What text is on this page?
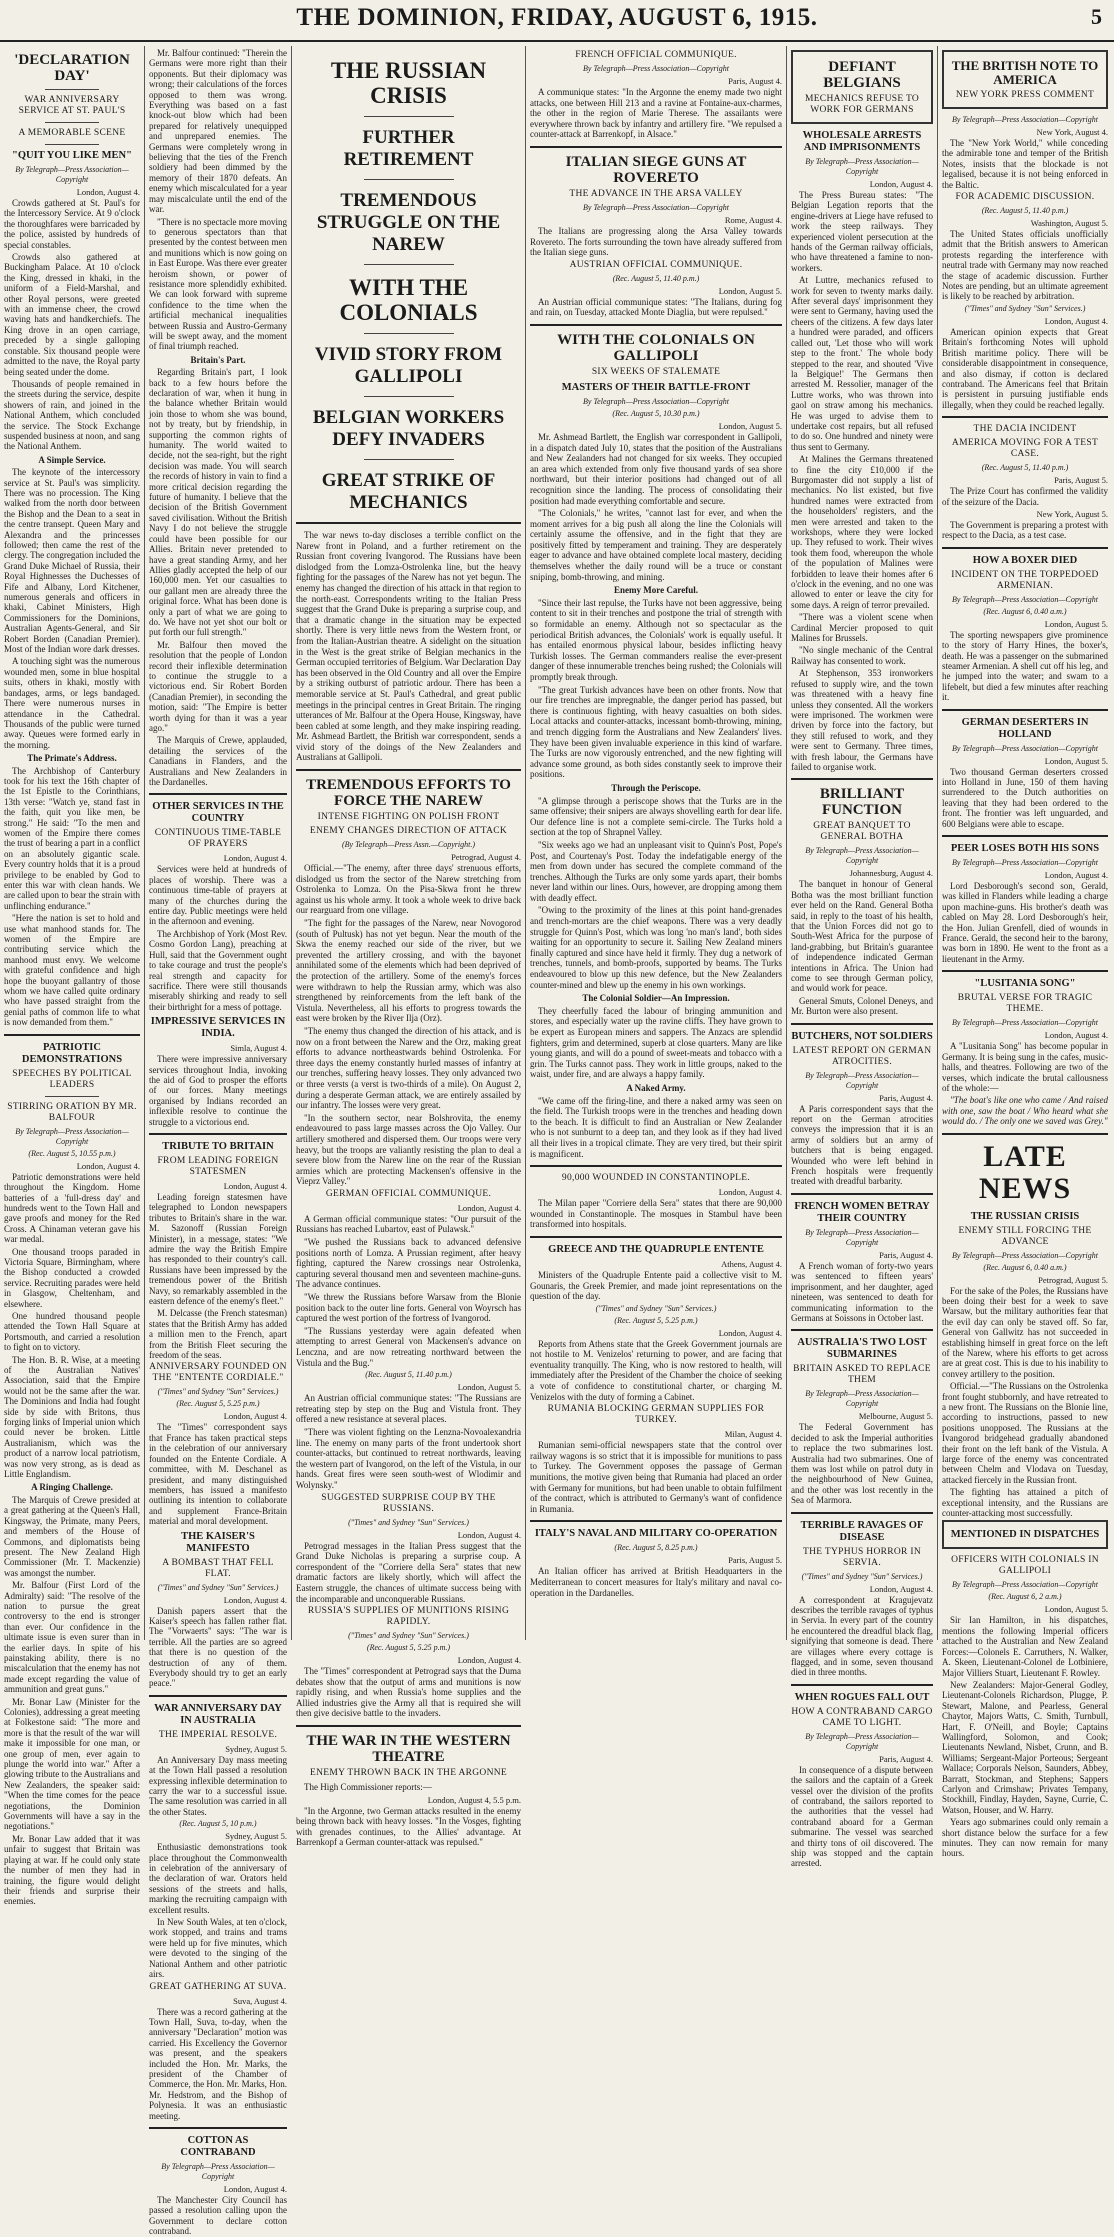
THE DOMINION, FRIDAY, AUGUST 6, 1915.	5
'DECLARATION DAY'
WAR ANNIVERSARY SERVICE AT ST. PAUL'S
A MEMORABLE SCENE
"QUIT YOU LIKE MEN"
By Telegraph—Press Association—Copyright
London, August 4.

Crowds gathered at St. Paul's for the Intercessory Service. At 9 o'clock the thoroughfares were barricaded by the police, assisted by hundreds of special constables.

Crowds also gathered at Buckingham Palace. At 10 o'clock the King, dressed in khaki, in the uniform of a Field-Marshal, and other Royal persons, were greeted with an immense cheer, the crowd waving hats and handkerchiefs. The King drove in an open carriage, preceded by a single galloping constable. Six thousand people were admitted to the nave, the Royal party being seated under the dome.

Thousands of people remained in the streets during the service, despite showers of rain, and joined in the National Anthem, which concluded the service. The Stock Exchange suspended business at noon, and sang the National Anthem.

A Simple Service.

The keynote of the intercessory service at St. Paul's was simplicity. There was no procession. The King walked from the north door between the Bishop and the Dean to a seat in the centre transept. Queen Mary and Alexandra and the princesses followed; then came the rest of the clergy. The congregation included the Grand Duke Michael of Russia, their Royal Highnesses the Duchesses of Fife and Albany, Lord Kitchener, numerous generals and officers in khaki, Cabinet Ministers, High Commissioners for the Dominions, Australian Agents-General, and Sir Robert Borden (Canadian Premier). Most of the Indian wore dark dresses.

A touching sight was the numerous wounded men, some in blue hospital suits, others in khaki, mostly with bandages, arms, or legs bandaged. There were numerous nurses in attendance in the Cathedral. Thousands of the public were turned away. Queues were formed early in the morning.

The Primate's Address.

The Archbishop of Canterbury took for his text the 16th chapter of the 1st Epistle to the Corinthians, 13th verse: "Watch ye, stand fast in the faith, quit you like men, be strong." He said: "To the men and women of the Empire there comes the trust of bearing a part in a conflict on an absolutely gigantic scale. Every country holds that it is a proud privilege to be enabled by God to enter this war with clean hands. We are called upon to bear the strain with unflinching endurance."

"Here the nation is set to hold and use what manhood stands for. The women of the Empire are contributing service which the manhood must envy. We welcome with grateful confidence and high hope the buoyant gallantry of those whom we have called quite ordinary who have passed straight from the genial paths of common life to what is now demanded from them."

PATRIOTIC DEMONSTRATIONS
SPEECHES BY POLITICAL LEADERS
STIRRING ORATION BY MR. BALFOUR
By Telegraph—Press Association—Copyright
(Rec. August 5, 10.55 p.m.)
London, August 4.

Patriotic demonstrations were held throughout the Kingdom. Home batteries of a 'full-dress day' and hundreds went to the Town Hall and gave proofs and money for the Red Cross. A Chinaman veteran gave his war medal.

One thousand troops paraded in Victoria Square, Birmingham, where the Bishop conducted a crowded service. Recruiting parades were held in Glasgow, Cheltenham, and elsewhere.

One hundred thousand people attended the Town Hall Square at Portsmouth, and carried a resolution to fight on to victory.

The Hon. B. R. Wise, at a meeting of the Australian Natives' Association, said that the Empire would not be the same after the war. The Dominions and India had fought side by side with Britons, thus forging links of Imperial union which could never be broken. Little Australianism, which was the product of a narrow local patriotism, was now very strong, as is dead as Little Englandism.

A Ringing Challenge.

The Marquis of Crewe presided at a great gathering at the Queen's Hall, Kingsway, the Primate, many Peers, and members of the House of Commons, and diplomatists being present. The New Zealand High Commissioner (Mr. T. Mackenzie) was amongst the number.

Mr. Balfour (First Lord of the Admiralty) said: "The resolve of the nation to pursue the great controversy to the end is stronger than ever. Our confidence in the ultimate issue is even surer than in the earlier days. In spite of his painstaking ability, there is no miscalculation that the enemy has not made except regarding the value of ammunition and great guns."

Mr. Bonar Law (Minister for the Colonies), addressing a great meeting at Folkestone said: "The more and more is that the result of the war will make it impossible for one man, or one group of men, ever again to plunge the world into war." After a glowing tribute to the Australians and New Zealanders, the speaker said: "When the time comes for the peace negotiations, the Dominion Governments will have a say in the negotiations."

Mr. Bonar Law added that it was unfair to suggest that Britain was playing at war. If he could only state the number of men they had in training, the figure would delight their friends and surprise their enemies.

Mr. Balfour continued: "Therein the Germans were more right than their opponents. But their diplomacy was wrong; their calculations of the forces opposed to them was wrong. Everything was based on a fast knock-out blow which had been prepared for relatively unequipped and unprepared enemies. The Germans were completely wrong in believing that the ties of the French soldiery had been dimmed by the memory of their 1870 defeats. An enemy which miscalculated for a year may miscalculate until the end of the war.

"There is no spectacle more moving to generous spectators than that presented by the contest between men and munitions which is now going on in East Europe. Was there ever greater heroism shown, or power of resistance more splendidly exhibited. We can look forward with supreme confidence to the time when the artificial mechanical inequalities between Russia and Austro-Germany will be swept away, and the moment of final triumph reached.

Britain's Part.

Regarding Britain's part, I look back to a few hours before the declaration of war, when it hung in the balance whether Britain would join those to whom she was bound, not by treaty, but by friendship, in supporting the common rights of humanity. The world waited to decide, not the sea-right, but the right decision was made. You will search the records of history in vain to find a more critical decision regarding the future of humanity. I believe that the decision of the British Government saved civilisation. Without the British Navy I do not believe the struggle could have been possible for our Allies. Britain never pretended to have a great standing Army, and her Allies gladly accepted the help of our 160,000 men. Yet our casualties to our gallant men are already three the original force. What has been done is only a part of what we are going to do. We have not yet shot our bolt or put forth our full strength."

Mr. Balfour then moved the resolution that the people of London record their inflexible determination to continue the struggle to a victorious end. Sir Robert Borden (Canadian Premier), in seconding the motion, said: "The Empire is better worth dying for than it was a year ago."

The Marquis of Crewe, applauded, detailing the services of the Canadians in Flanders, and the Australians and New Zealanders in the Dardanelles.

OTHER SERVICES IN THE COUNTRY
CONTINUOUS TIME-TABLE OF PRAYERS
London, August 4.

Services were held at hundreds of places of worship. There was a continuous time-table of prayers at many of the churches during the entire day. Public meetings were held in the afternoon and evening.

The Archbishop of York (Most Rev. Cosmo Gordon Lang), preaching at Hull, said that the Government ought to take courage and trust the people's real strength and capacity for sacrifice. There were still thousands miserably shirking and ready to sell their birthright for a mess of pottage.

IMPRESSIVE SERVICES IN INDIA.
Simla, August 4.

There were impressive anniversary services throughout India, invoking the aid of God to prosper the efforts of our forces. Many meetings organised by Indians recorded an inflexible resolve to continue the struggle to a victorious end.

TRIBUTE TO BRITAIN
FROM LEADING FOREIGN STATESMEN
London, August 4.

Leading foreign statesmen have telegraphed to London newspapers tributes to Britain's share in the war. M. Sazonoff (Russian Foreign Minister), in a message, states: "We admire the way the British Empire has responded to their country's call. Russians have been impressed by the tremendous power of the British Navy, so remarkably assembled in the eastern defence of the enemy's fleet."

M. Delcasse (the French statesman) states that the British Army has added a million men to the French, apart from the British Fleet securing the freedom of the seas.

ANNIVERSARY FOUNDED ON THE "ENTENTE CORDIALE."
("Times" and Sydney "Sun" Services.)
(Rec. August 5, 5.25 p.m.)
London, August 4.

The "Times" correspondent says that France has taken practical steps in the celebration of our anniversary founded on the Entente Cordiale. A committee, with M. Deschanel as president, and many distinguished members, has issued a manifesto outlining its intention to collaborate and supplement France-Britain material and moral development.

THE KAISER'S MANIFESTO
A BOMBAST THAT FELL FLAT.
("Times" and Sydney "Sun" Services.)
London, August 4.

Danish papers assert that the Kaiser's speech has fallen rather flat. The "Vorwaerts" says: "The war is terrible. All the parties are so agreed that there is no question of the destruction of any of them. Everybody should try to get an early peace."

WAR ANNIVERSARY DAY IN AUSTRALIA
THE IMPERIAL RESOLVE.
Sydney, August 5.

An Anniversary Day mass meeting at the Town Hall passed a resolution expressing inflexible determination to carry the war to a successful issue. The same resolution was carried in all the other States.

(Rec. August 5, 10 p.m.)
Sydney, August 5.

Enthusiastic demonstrations took place throughout the Commonwealth in celebration of the anniversary of the declaration of war. Orators held sessions of the streets and halls, marking the recruiting campaign with excellent results.

In New South Wales, at ten o'clock, work stopped, and trains and trams were held up for five minutes, which were devoted to the singing of the National Anthem and other patriotic airs.

GREAT GATHERING AT SUVA.
Suva, August 4.

There was a record gathering at the Town Hall, Suva, to-day, when the anniversary "Declaration" motion was carried. His Excellency the Governor was present, and the speakers included the Hon. Mr. Marks, the president of the Chamber of Commerce, the Hon. Mr. Marks, Hon. Mr. Hedstrom, and the Bishop of Polynesia. It was an enthusiastic meeting.

COTTON AS CONTRABAND
By Telegraph—Press Association—Copyright
London, August 4.

The Manchester City Council has passed a resolution calling upon the Government to declare cotton contraband.

THE RUSSIAN CRISIS
FURTHER RETIREMENT
TREMENDOUS STRUGGLE ON THE NAREW
WITH THE COLONIALS
VIVID STORY FROM GALLIPOLI
BELGIAN WORKERS DEFY INVADERS
GREAT STRIKE OF MECHANICS

The war news to-day discloses a terrible conflict on the Narew front in Poland, and a further retirement on the Russian front covering Ivangorod. The Russians have been dislodged from the Lomza-Ostrolenka line, but the heavy fighting for the passages of the Narew has not yet begun. The enemy has changed the direction of his attack in that region to the north-east. Correspondents writing to the Italian Press suggest that the Grand Duke is preparing a surprise coup, and that a dramatic change in the situation may be expected shortly. There is very little news from the Western front, or from the Italian-Austrian theatre. A sidelight on the situation in the West is the great strike of Belgian mechanics in the German occupied territories of Belgium. War Declaration Day has been observed in the Old Country and all over the Empire by a striking outburst of patriotic ardour. There has been a memorable service at St. Paul's Cathedral, and great public meetings in the principal centres in Great Britain. The ringing utterances of Mr. Balfour at the Opera House, Kingsway, have been cabled at some length, and they make inspiring reading. Mr. Ashmead Bartlett, the British war correspondent, sends a vivid story of the doings of the New Zealanders and Australians at Gallipoli.

TREMENDOUS EFFORTS TO FORCE THE NAREW
INTENSE FIGHTING ON POLISH FRONT
ENEMY CHANGES DIRECTION OF ATTACK
(By Telegraph—Press Assn.—Copyright.)
Petrograd, August 4.

Official.—"The enemy, after three days' strenuous efforts, dislodged us from the sector of the Narew stretching from Ostrolenka to Lomza. On the Pisa-Skwa front he threw against us his whole army. It took a whole week to drive back our rearguard from one village.

"The fight for the passages of the Narew, near Novogorod (south of Pultusk) has not yet begun. Near the mouth of the Skwa the enemy reached our side of the river, but we prevented the artillery crossing, and with the bayonet annihilated some of the elements which had been deprived of the protection of the artillery. Some of the enemy's forces were withdrawn to help the Russian army, which was also strengthened by reinforcements from the left bank of the Vistula. Nevertheless, all his efforts to progress towards the east were broken by the River Ilja (Orz).

"The enemy thus changed the direction of his attack, and is now on a front between the Narew and the Orz, making great efforts to advance northeastwards behind Ostrolenka. For three days the enemy constantly hurled masses of infantry at our trenches, suffering heavy losses. They only advanced two or three versts (a verst is two-thirds of a mile). On August 2, during a desperate German attack, we are entirely assailed by our infantry. The losses were very great.

"In the southern sector, near Bolshrovita, the enemy endeavoured to pass large masses across the Ojo Valley. Our artillery smothered and dispersed them. Our troops were very heavy, but the troops are valiantly resisting the plan to deal a severe blow from the Narew line on the rear of the Russian armies which are protecting Mackensen's offensive in the Vieprz Valley."

GERMAN OFFICIAL COMMUNIQUE.
London, August 4.

A German official communique states: "Our pursuit of the Russians has reached Lubartov, east of Pulawsk."

"We pushed the Russians back to advanced defensive positions north of Lomza. A Prussian regiment, after heavy fighting, captured the Narew crossings near Ostrolenka, capturing several thousand men and seventeen machine-guns. The advance continues.

"We threw the Russians before Warsaw from the Blonie position back to the outer line forts. General von Woyrsch has captured the west portion of the fortress of Ivangorod.

"The Russians yesterday were again defeated when attempting to arrest General von Mackensen's advance on Lenczna, and are now retreating northward between the Vistula and the Bug."

(Rec. August 5, 11.40 p.m.)
London, August 5.

An Austrian official communique states: "The Russians are retreating step by step on the Bug and Vistula front. They offered a new resistance at several places.

"There was violent fighting on the Lenzna-Novoalexandria line. The enemy on many parts of the front undertook short counter-attacks, but continued to retreat northwards, leaving the western part of Ivangorod, on the left of the Vistula, in our hands. Great fires were seen south-west of Wlodimir and Wolynsky."

SUGGESTED SURPRISE COUP BY THE RUSSIANS.
("Times" and Sydney "Sun" Services.)
London, August 4.

Petrograd messages in the Italian Press suggest that the Grand Duke Nicholas is preparing a surprise coup. A correspondent of the "Corriere della Sera" states that new dramatic factors are likely shortly, which will affect the Eastern struggle, the chances of ultimate success being with the incomparable and unconquerable Russians.

RUSSIA'S SUPPLIES OF MUNITIONS RISING RAPIDLY.
("Times" and Sydney "Sun" Services.)
(Rec. August 5, 5.25 p.m.)
London, August 4.

The "Times" correspondent at Petrograd says that the Duma debates show that the output of arms and munitions is now rapidly rising, and when Russia's home supplies and the Allied industries give the Army all that is required she will then give decisive battle to the invaders.

THE WAR IN THE WESTERN THEATRE
ENEMY THROWN BACK IN THE ARGONNE

The High Commissioner reports:—

London, August 4, 5.5 p.m.

"In the Argonne, two German attacks resulted in the enemy being thrown back with heavy losses. "In the Vosges, fighting with grenades continues, to the Allies' advantage. At Barrenkopf a German counter-attack was repulsed."

FRENCH OFFICIAL COMMUNIQUE.
By Telegraph—Press Association—Copyright
Paris, August 4.

A communique states: "In the Argonne the enemy made two night attacks, one between Hill 213 and a ravine at Fontaine-aux-charmes, the other in the region of Marie Therese. The assailants were everywhere thrown back by infantry and artillery fire. "We repulsed a counter-attack at Barrenkopf, in Alsace."

ITALIAN SIEGE GUNS AT ROVERETO
THE ADVANCE IN THE ARSA VALLEY
By Telegraph—Press Association—Copyright
Rome, August 4.

The Italians are progressing along the Arsa Valley towards Rovereto. The forts surrounding the town have already suffered from the Italian siege guns.

AUSTRIAN OFFICIAL COMMUNIQUE.
(Rec. August 5, 11.40 p.m.)
London, August 5.

An Austrian official communique states: "The Italians, during fog and rain, on Tuesday, attacked Monte Diaglia, but were repulsed."

WITH THE COLONIALS ON GALLIPOLI
SIX WEEKS OF STALEMATE
MASTERS OF THEIR BATTLE-FRONT
By Telegraph—Press Association—Copyright
(Rec. August 5, 10.30 p.m.)
London, August 5.

Mr. Ashmead Bartlett, the English war correspondent in Gallipoli, in a dispatch dated July 10, states that the position of the Australians and New Zealanders had not changed for six weeks. They occupied an area which extended from only five thousand yards of sea shore northward, but their interior positions had changed out of all recognition since the landing. The process of consolidating their position had made everything comfortable and secure.

"The Colonials," he writes, "cannot last for ever, and when the moment arrives for a big push all along the line the Colonials will certainly assume the offensive, and in the fight that they are positively fitted by temperament and training. They are desperately eager to advance and have obtained complete local mastery, deciding themselves whether the daily round will be a truce or constant sniping, bomb-throwing, and mining.

Enemy More Careful.

"Since their last repulse, the Turks have not been aggressive, being content to sit in their trenches and postpone the trial of strength with so formidable an enemy. Although not so spectacular as the periodical British advances, the Colonials' work is equally useful. It has entailed enormous physical labour, besides inflicting heavy Turkish losses. The German commanders realise the ever-present danger of these innumerable trenches being rushed; the Colonials will promptly break through.

"The great Turkish advances have been on other fronts. Now that our fire trenches are impregnable, the danger period has passed, but there is continuous fighting, with heavy casualties on both sides. Local attacks and counter-attacks, incessant bomb-throwing, mining, and trench digging form the Australians and New Zealanders' lives. They have been given invaluable experience in this kind of warfare. The Turks are now vigorously entrenched, and the new fighting will advance some ground, as both sides constantly seek to improve their positions.

Through the Periscope.

"A glimpse through a periscope shows that the Turks are in the same offensive; their snipers are always shovelling earth for dear life. Our defence line is not a complete semi-circle. The Turks hold a section at the top of Shrapnel Valley.

"Six weeks ago we had an unpleasant visit to Quinn's Post, Pope's Post, and Courtenay's Post. Today the indefatigable energy of the men from down under has secured the complete command of the trenches. Although the Turks are only some yards apart, their bombs never land within our lines. Ours, however, are dropping among them with deadly effect.

"Owing to the proximity of the lines at this point hand-grenades and trench-mortars are the chief weapons. There was a very deadly struggle for Quinn's Post, which was long 'no man's land', both sides waiting for an opportunity to secure it. Sailing New Zealand miners finally captured and since have held it firmly. They dug a network of trenches, tunnels, and bomb-proofs, supported by beams. The Turks endeavoured to blow up this new defence, but the New Zealanders counter-mined and blew up the enemy in his own workings.

The Colonial Soldier—An Impression.

They cheerfully faced the labour of bringing ammunition and stores, and especially water up the ravine cliffs. They have grown to be expert as European miners and sappers. The Anzacs are splendid fighters, grim and determined, superb at close quarters. Many are like young giants, and will do a pound of sweet-meats and tobacco with a grin. The Turks cannot pass. They work in little groups, naked to the waist, under fire, and are always a happy family.

A Naked Army.

"We came off the firing-line, and there a naked army was seen on the field. The Turkish troops were in the trenches and heading down to the beach. It is difficult to find an Australian or New Zealander who is not sunburnt to a deep tan, and they look as if they had lived all their lives in a tropical climate. They are very tired, but their spirit is magnificent.

90,000 WOUNDED IN CONSTANTINOPLE.
London, August 4.

The Milan paper "Corriere della Sera" states that there are 90,000 wounded in Constantinople. The mosques in Stambul have been transformed into hospitals.

GREECE AND THE QUADRUPLE ENTENTE
Athens, August 4.

Ministers of the Quadruple Entente paid a collective visit to M. Gounaris, the Greek Premier, and made joint representations on the question of the day.

("Times" and Sydney "Sun" Services.)
(Rec. August 5, 5.25 p.m.)
London, August 4.

Reports from Athens state that the Greek Government journals are not hostile to M. Venizelos' returning to power, and are facing that eventuality tranquilly. The King, who is now restored to health, will immediately after the President of the Chamber the choice of seeking a vote of confidence to constitutional charter, or charging M. Venizelos with the duty of forming a Cabinet.

RUMANIA BLOCKING GERMAN SUPPLIES FOR TURKEY.
Milan, August 4.

Rumanian semi-official newspapers state that the control over railway wagons is so strict that it is impossible for munitions to pass to Turkey. The Government opposes the passage of German munitions, the motive given being that Rumania had placed an order with Germany for munitions, but had been unable to obtain fulfilment of the contract, which is attributed to Germany's want of confidence in Rumania.

ITALY'S NAVAL AND MILITARY CO-OPERATION
(Rec. August 5, 8.25 p.m.)
Paris, August 5.

An Italian officer has arrived at British Headquarters in the Mediterranean to concert measures for Italy's military and naval co-operation in the Dardanelles.

DEFIANT BELGIANS
MECHANICS REFUSE TO WORK FOR GERMANS
WHOLESALE ARRESTS AND IMPRISONMENTS
By Telegraph—Press Association—Copyright
London, August 4.

The Press Bureau states: "The Belgian Legation reports that the engine-drivers at Liege have refused to work the steep railways. They experienced violent persecution at the hands of the German railway officials, who have threatened a famine to non-workers.

At Luttre, mechanics refused to work for seven to twenty marks daily. After several days' imprisonment they were sent to Germany, having used the cheers of the citizens. A few days later a hundred were paraded, and officers called out, 'Let those who will work step to the front.' The whole body stepped to the rear, and shouted 'Vive la Belgique!' The Germans then arrested M. Ressolier, manager of the Luttre works, who was thrown into gaol on straw among his mechanics. He was urged to advise them to undertake cost repairs, but all refused to do so. One hundred and ninety were thus sent to Germany.

At Malines the Germans threatened to fine the city £10,000 if the Burgomaster did not supply a list of mechanics. No list existed, but five hundred names were extracted from the householders' registers, and the men were arrested and taken to the workshops, where they were locked up. They refused to work. Their wives took them food, whereupon the whole of the population of Malines were forbidden to leave their homes after 6 o'clock in the evening, and no one was allowed to enter or leave the city for some days. A reign of terror prevailed.

"There was a violent scene when Cardinal Mercier proposed to quit Malines for Brussels.

"No single mechanic of the Central Railway has consented to work.

At Stephenson, 353 ironworkers refused to supply wire, and the town was threatened with a heavy fine unless they consented. All the workers were imprisoned. The workmen were driven by force into the factory, but they still refused to work, and they were sent to Germany. Three times, with fresh labour, the Germans have failed to organise work.

BRILLIANT FUNCTION
GREAT BANQUET TO GENERAL BOTHA
By Telegraph—Press Association—Copyright
Johannesburg, August 4.

The banquet in honour of General Botha was the most brilliant function ever held on the Rand. General Botha said, in reply to the toast of his health, that the Union Forces did not go to South-West Africa for the purpose of land-grabbing, but Britain's guarantee of independence indicated German intentions in Africa. The Union had come to see through German policy, and would work for peace.

General Smuts, Colonel Deneys, and Mr. Burton were also present.

BUTCHERS, NOT SOLDIERS
LATEST REPORT ON GERMAN ATROCITIES.
By Telegraph—Press Association—Copyright
Paris, August 4.

A Paris correspondent says that the report on the German atrocities conveys the impression that it is an army of soldiers but an army of butchers that is being engaged. Wounded who were left behind in French hospitals were frequently treated with dreadful barbarity.

FRENCH WOMEN BETRAY THEIR COUNTRY
By Telegraph—Press Association—Copyright
Paris, August 4.

A French woman of forty-two years was sentenced to fifteen years' imprisonment, and her daughter, aged nineteen, was sentenced to death for communicating information to the Germans at Soissons in October last.

AUSTRALIA'S TWO LOST SUBMARINES
BRITAIN ASKED TO REPLACE THEM
By Telegraph—Press Association—Copyright
Melbourne, August 5.

The Federal Government has decided to ask the Imperial authorities to replace the two submarines lost. Australia had two submarines. One of them was lost while on patrol duty in the neighbourhood of New Guinea, and the other was lost recently in the Sea of Marmora.

TERRIBLE RAVAGES OF DISEASE
THE TYPHUS HORROR IN SERVIA.
("Times" and Sydney "Sun" Services.)
London, August 4.

A correspondent at Kragujevatz describes the terrible ravages of typhus in Servia. In every part of the country he encountered the dreadful black flag, signifying that someone is dead. There are villages where every cottage is flagged, and in some, seven thousand died in three months.

WHEN ROGUES FALL OUT
HOW A CONTRABAND CARGO CAME TO LIGHT.
By Telegraph—Press Association—Copyright
Paris, August 4.

In consequence of a dispute between the sailors and the captain of a Greek vessel over the division of the profits of contraband, the sailors reported to the authorities that the vessel had contraband aboard for a German submarine. The vessel was searched and thirty tons of oil discovered. The ship was stopped and the captain arrested.

THE BRITISH NOTE TO AMERICA
NEW YORK PRESS COMMENT
By Telegraph—Press Association—Copyright
New York, August 4.

The "New York World," while conceding the admirable tone and temper of the British Notes, insists that the blockade is not legalised, because it is not being enforced in the Baltic.

FOR ACADEMIC DISCUSSION.
(Rec. August 5, 11.40 p.m.)
Washington, August 5.

The United States officials unofficially admit that the British answers to American protests regarding the interference with neutral trade with Germany may now reached the stage of academic discussion. Further Notes are pending, but an ultimate agreement is likely to be reached by arbitration.

("Times" and Sydney "Sun" Services.)
London, August 4.

American opinion expects that Great Britain's forthcoming Notes will uphold British maritime policy. There will be considerable disappointment in consequence, and also dismay, if cotton is declared contraband. The Americans feel that Britain is persistent in pursuing justifiable ends illegally, when they could be reached legally.

THE DACIA INCIDENT
AMERICA MOVING FOR A TEST CASE.
(Rec. August 5, 11.40 p.m.)
Paris, August 5.

The Prize Court has confirmed the validity of the seizure of the Dacia.

New York, August 5.

The Government is preparing a protest with respect to the Dacia, as a test case.

HOW A BOXER DIED
INCIDENT ON THE TORPEDOED ARMENIAN.
By Telegraph—Press Association—Copyright
(Rec. August 6, 0.40 a.m.)
London, August 5.

The sporting newspapers give prominence to the story of Harry Hines, the boxer's, death. He was a passenger on the submarined steamer Armenian. A shell cut off his leg, and he jumped into the water; and swam to a lifebelt, but died a few minutes after reaching it.

GERMAN DESERTERS IN HOLLAND
By Telegraph—Press Association—Copyright
London, August 5.

Two thousand German deserters crossed into Holland in June, 150 of them having surrendered to the Dutch authorities on leaving that they had been ordered to the front. The frontier was left unguarded, and 600 Belgians were able to escape.

PEER LOSES BOTH HIS SONS
By Telegraph—Press Association—Copyright
London, August 4.

Lord Desborough's second son, Gerald, was killed in Flanders while leading a charge upon machine-guns. His brother's death was cabled on May 28. Lord Desborough's heir, the Hon. Julian Grenfell, died of wounds in France. Gerald, the second heir to the barony, was born in 1890. He went to the front as a lieutenant in the Army.

"LUSITANIA SONG"
BRUTAL VERSE FOR TRAGIC THEME.
By Telegraph—Press Association—Copyright
London, August 4.

A "Lusitania Song" has become popular in Germany. It is being sung in the cafes, music-halls, and theatres. Following are two of the verses, which indicate the brutal callousness of the whole:—

"The boat's like one who came / And raised with one, saw the boat / Who heard what she would do. / The only one we saved was Grey."

LATE NEWS
THE RUSSIAN CRISIS
ENEMY STILL FORCING THE ADVANCE
By Telegraph—Press Association—Copyright
(Rec. August 6, 0.40 a.m.)
Petrograd, August 5.

For the sake of the Poles, the Russians have been doing their best for a week to save Warsaw, but the military authorities fear that the evil day can only be staved off. So far, General von Gallwitz has not succeeded in establishing himself in great force on the left of the Narew, where his efforts to get across are at great cost. This is due to his inability to convey artillery to the position.

Official.—"The Russians on the Ostrolenka front fought stubbornly, and have retreated to a new front. The Russians on the Blonie line, according to instructions, passed to new positions unopposed. The Russians at the Ivangorod bridgehead gradually abandoned their front on the left bank of the Vistula. A large force of the enemy was concentrated between Chelm and Vlodava on Tuesday, attacked fiercely in the Russian front.

The fighting has attained a pitch of exceptional intensity, and the Russians are counter-attacking most successfully.

MENTIONED IN DISPATCHES
OFFICERS WITH COLONIALS IN GALLIPOLI
By Telegraph—Press Association—Copyright
(Rec. August 6, 2 a.m.)
London, August 5.

Sir Ian Hamilton, in his dispatches, mentions the following Imperial officers attached to the Australian and New Zealand Forces:—Colonels E. Carruthers, N. Walker, A. Skeen, Lieutenant-Colonel de Lotbiniere, Major Villiers Stuart, Lieutenant F. Rowley.

New Zealanders: Major-General Godley, Lieutenant-Colonels Richardson, Plugge, P. Stewart, Malone, and Pearless, General Chaytor, Majors Watts, C. Smith, Turnbull, Hart, F. O'Neill, and Boyle; Captains Wallingford, Solomon, and Cook; Lieutenants Newland, Nisbet, Crunn, and B. Williams; Sergeant-Major Porteous; Sergeant Wallace; Corporals Nelson, Saunders, Abbey, Barratt, Stockman, and Stephens; Sappers Carlyon and Crimshaw; Privates Tempany, Stockhill, Findlay, Hayden, Sayne, Currie, C. Watson, Houser, and W. Harry.

Years ago submarines could only remain a short distance below the surface for a few minutes. They can now remain for many hours.
